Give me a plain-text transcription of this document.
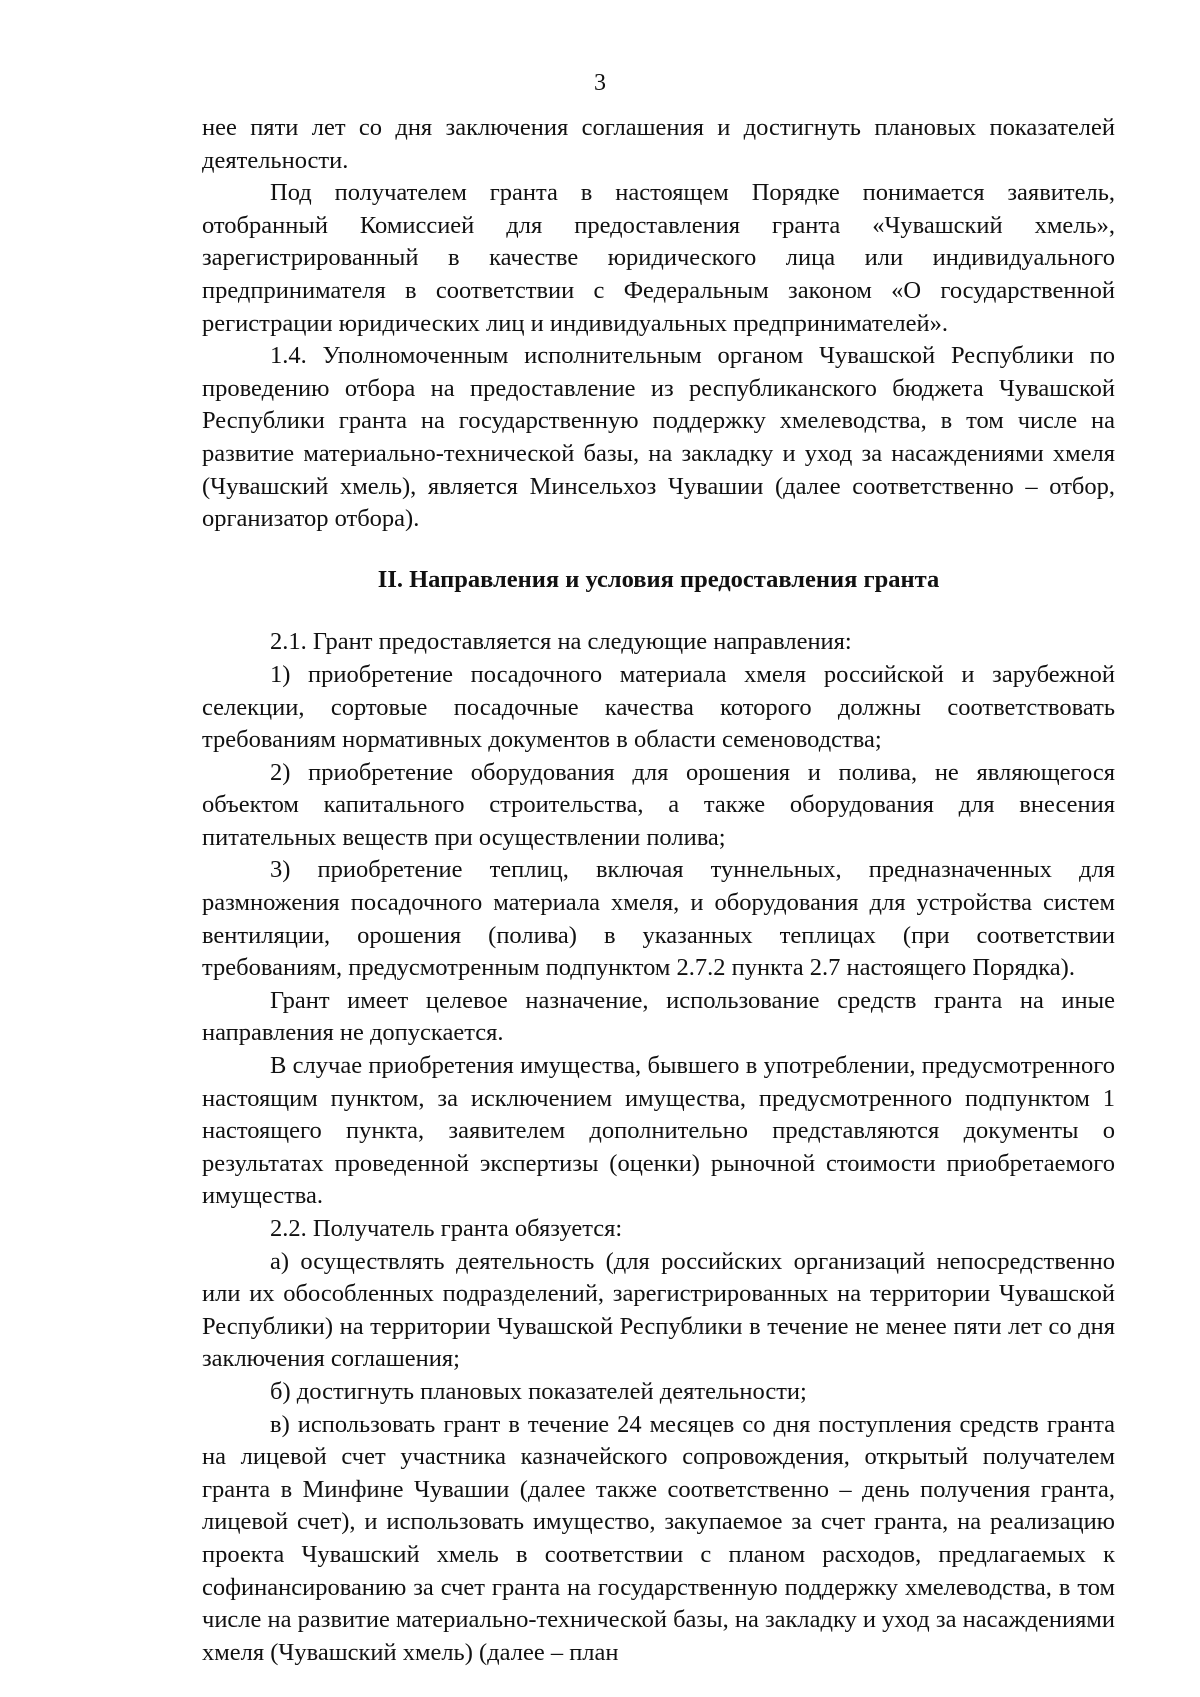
3

нее пяти лет со дня заключения соглашения и достигнуть плановых показателей деятельности.

Под получателем гранта в настоящем Порядке понимается заявитель, отобранный Комиссией для предоставления гранта «Чувашский хмель», зарегистрированный в качестве юридического лица или индивидуального предпринимателя в соответствии с Федеральным законом «О государственной регистрации юридических лиц и индивидуальных предпринимателей».

1.4. Уполномоченным исполнительным органом Чувашской Республики по проведению отбора на предоставление из республиканского бюджета Чувашской Республики гранта на государственную поддержку хмелеводства, в том числе на развитие материально-технической базы, на закладку и уход за насаждениями хмеля (Чувашский хмель), является Минсельхоз Чувашии (далее соответственно – отбор, организатор отбора).

II. Направления и условия предоставления гранта

2.1. Грант предоставляется на следующие направления:

1) приобретение посадочного материала хмеля российской и зарубежной селекции, сортовые посадочные качества которого должны соответствовать требованиям нормативных документов в области семеноводства;

2) приобретение оборудования для орошения и полива, не являющегося объектом капитального строительства, а также оборудования для внесения питательных веществ при осуществлении полива;

3) приобретение теплиц, включая туннельных, предназначенных для размножения посадочного материала хмеля, и оборудования для устройства систем вентиляции, орошения (полива) в указанных теплицах (при соответствии требованиям, предусмотренным подпунктом 2.7.2 пункта 2.7 настоящего Порядка).

Грант имеет целевое назначение, использование средств гранта на иные направления не допускается.

В случае приобретения имущества, бывшего в употреблении, предусмотренного настоящим пунктом, за исключением имущества, предусмотренного подпунктом 1 настоящего пункта, заявителем дополнительно представляются документы о результатах проведенной экспертизы (оценки) рыночной стоимости приобретаемого имущества.

2.2. Получатель гранта обязуется:

а) осуществлять деятельность (для российских организаций непосредственно или их обособленных подразделений, зарегистрированных на территории Чувашской Республики) на территории Чувашской Республики в течение не менее пяти лет со дня заключения соглашения;

б) достигнуть плановых показателей деятельности;

в) использовать грант в течение 24 месяцев со дня поступления средств гранта на лицевой счет участника казначейского сопровождения, открытый получателем гранта в Минфине Чувашии (далее также соответственно – день получения гранта, лицевой счет), и использовать имущество, закупаемое за счет гранта, на реализацию проекта Чувашский хмель в соответствии с планом расходов, предлагаемых к софинансированию за счет гранта на государственную поддержку хмелеводства, в том числе на развитие материально-технической базы, на закладку и уход за насаждениями хмеля (Чувашский хмель) (далее – план
